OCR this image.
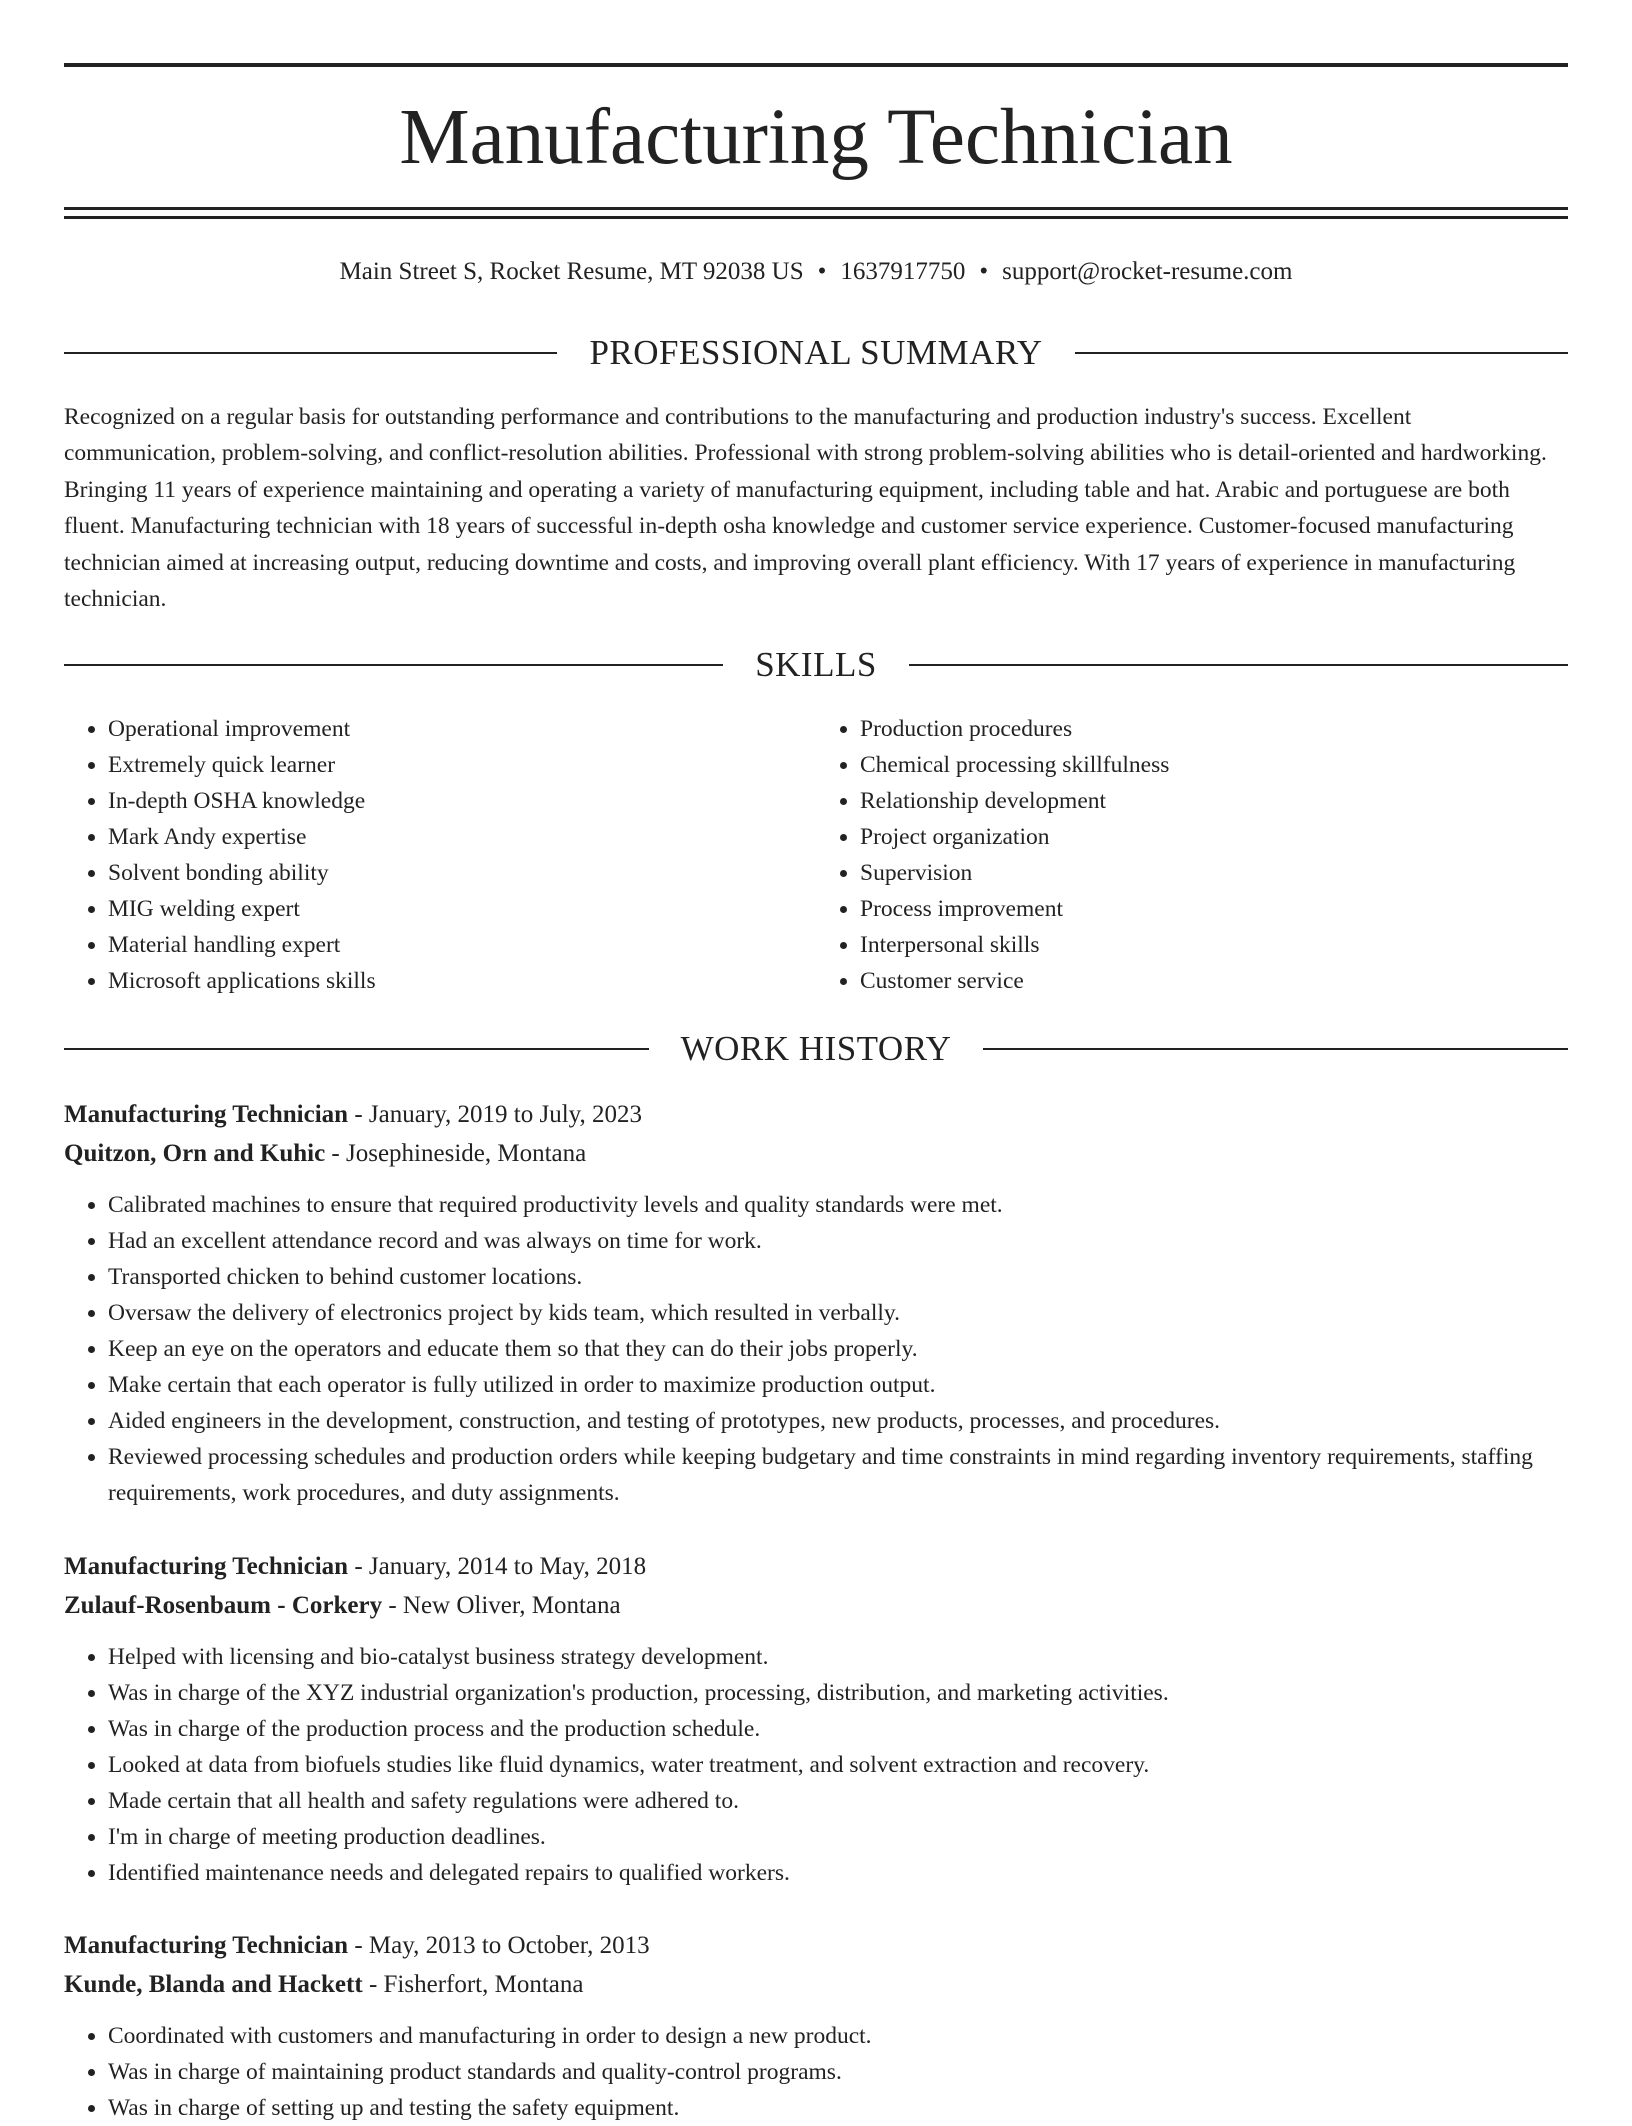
Manufacturing Technician
Main Street S, Rocket Resume, MT 92038 US • 1637917750 • support@rocket-resume.com
PROFESSIONAL SUMMARY

Recognized on a regular basis for outstanding performance and contributions to the manufacturing and production industry's success. Excellent communication, problem-solving, and conflict-resolution abilities. Professional with strong problem-solving abilities who is detail-oriented and hardworking. Bringing 11 years of experience maintaining and operating a variety of manufacturing equipment, including table and hat. Arabic and portuguese are both fluent. Manufacturing technician with 18 years of successful in-depth osha knowledge and customer service experience. Customer-focused manufacturing technician aimed at increasing output, reducing downtime and costs, and improving overall plant efficiency. With 17 years of experience in manufacturing technician.

SKILLS
• Operational improvement
• Extremely quick learner
• In-depth OSHA knowledge
• Mark Andy expertise
• Solvent bonding ability
• MIG welding expert
• Material handling expert
• Microsoft applications skills
• Production procedures
• Chemical processing skillfulness
• Relationship development
• Project organization
• Supervision
• Process improvement
• Interpersonal skills
• Customer service
WORK HISTORY

Manufacturing Technician - January, 2019 to July, 2023

Quitzon, Orn and Kuhic - Josephineside, Montana

• Calibrated machines to ensure that required productivity levels and quality standards were met.
• Had an excellent attendance record and was always on time for work.
• Transported chicken to behind customer locations.
• Oversaw the delivery of electronics project by kids team, which resulted in verbally.
• Keep an eye on the operators and educate them so that they can do their jobs properly.
• Make certain that each operator is fully utilized in order to maximize production output.
• Aided engineers in the development, construction, and testing of prototypes, new products, processes, and procedures.
• Reviewed processing schedules and production orders while keeping budgetary and time constraints in mind regarding inventory requirements, staffing requirements, work procedures, and duty assignments.

Manufacturing Technician - January, 2014 to May, 2018

Zulauf-Rosenbaum - Corkery - New Oliver, Montana

• Helped with licensing and bio-catalyst business strategy development.
• Was in charge of the XYZ industrial organization's production, processing, distribution, and marketing activities.
• Was in charge of the production process and the production schedule.
• Looked at data from biofuels studies like fluid dynamics, water treatment, and solvent extraction and recovery.
• Made certain that all health and safety regulations were adhered to.
• I'm in charge of meeting production deadlines.
• Identified maintenance needs and delegated repairs to qualified workers.

Manufacturing Technician - May, 2013 to October, 2013

Kunde, Blanda and Hackett - Fisherfort, Montana

• Coordinated with customers and manufacturing in order to design a new product.
• Was in charge of maintaining product standards and quality-control programs.
• Was in charge of setting up and testing the safety equipment.
